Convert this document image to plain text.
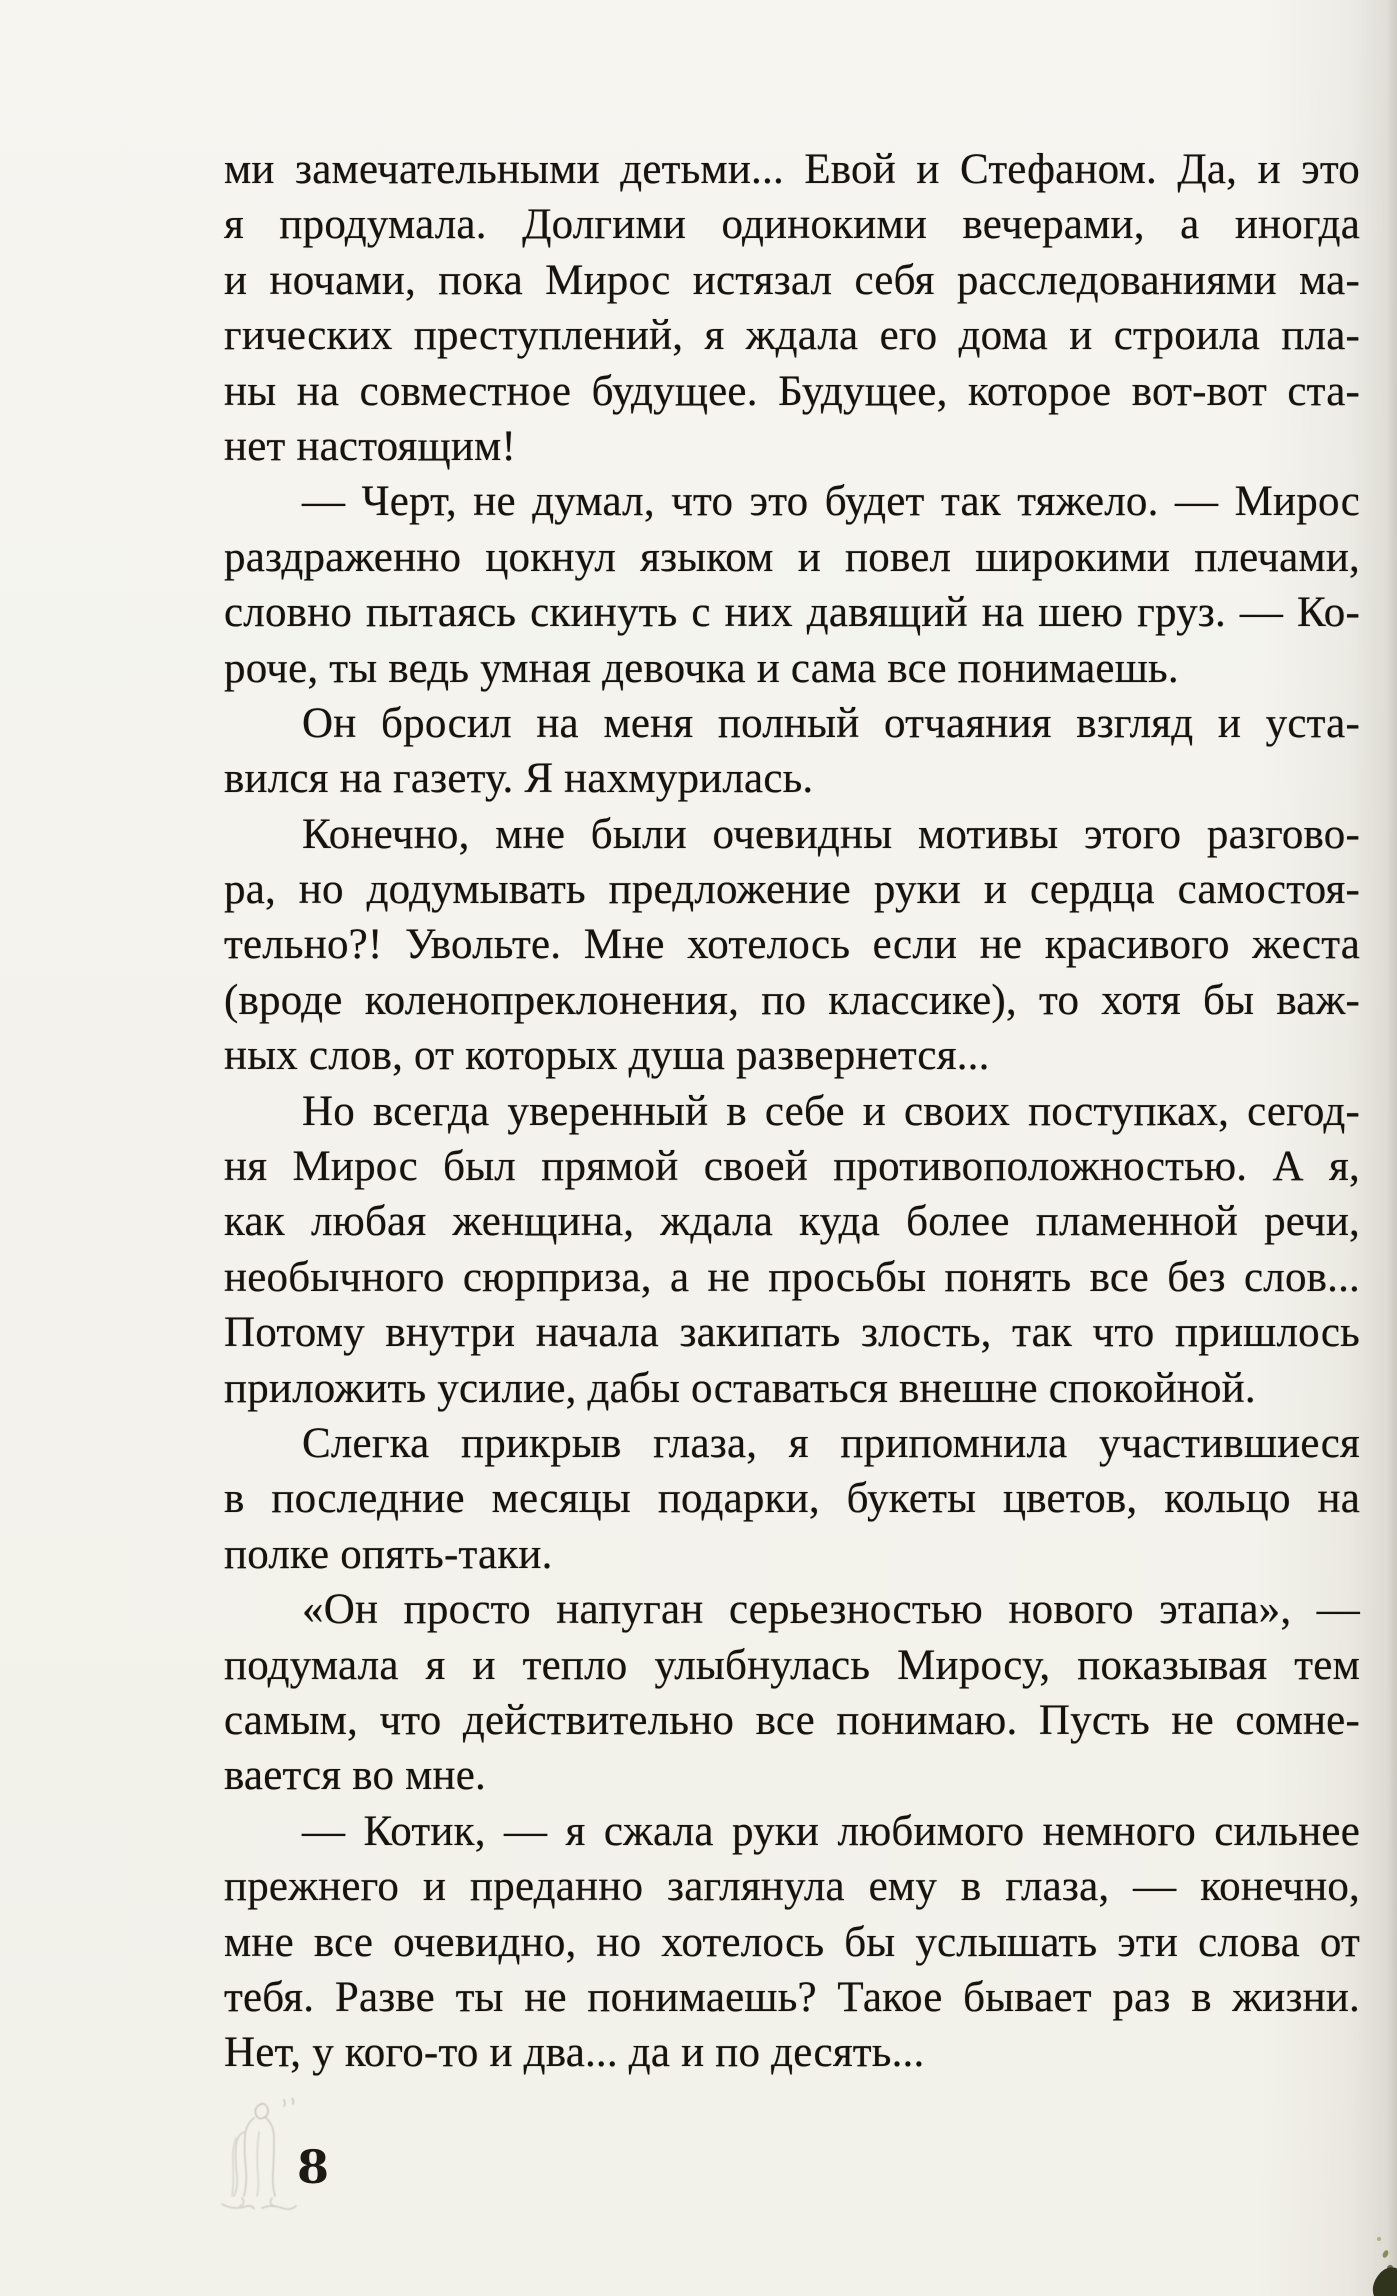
ми замечательными детьми... Евой и Стефаном. Да, и это
я продумала. Долгими одинокими вечерами, а иногда
и ночами, пока Мирос истязал себя расследованиями ма-
гических преступлений, я ждала его дома и строила пла-
ны на совместное будущее. Будущее, которое вот-вот ста-
нет настоящим!
— Черт, не думал, что это будет так тяжело. — Мирос
раздраженно цокнул языком и повел широкими плечами,
словно пытаясь скинуть с них давящий на шею груз. — Ко-
роче, ты ведь умная девочка и сама все понимаешь.
Он бросил на меня полный отчаяния взгляд и уста-
вился на газету. Я нахмурилась.
Конечно, мне были очевидны мотивы этого разгово-
ра, но додумывать предложение руки и сердца самостоя-
тельно?! Увольте. Мне хотелось если не красивого жеста
(вроде коленопреклонения, по классике), то хотя бы важ-
ных слов, от которых душа развернется...
Но всегда уверенный в себе и своих поступках, сегод-
ня Мирос был прямой своей противоположностью. А я,
как любая женщина, ждала куда более пламенной речи,
необычного сюрприза, а не просьбы понять все без слов...
Потому внутри начала закипать злость, так что пришлось
приложить усилие, дабы оставаться внешне спокойной.
Слегка прикрыв глаза, я припомнила участившиеся
в последние месяцы подарки, букеты цветов, кольцо на
полке опять-таки.
«Он просто напуган серьезностью нового этапа», —
подумала я и тепло улыбнулась Миросу, показывая тем
самым, что действительно все понимаю. Пусть не сомне-
вается во мне.
— Котик, — я сжала руки любимого немного сильнее
прежнего и преданно заглянула ему в глаза, — конечно,
мне все очевидно, но хотелось бы услышать эти слова от
тебя. Разве ты не понимаешь? Такое бывает раз в жизни.
Нет, у кого-то и два... да и по десять...
8
